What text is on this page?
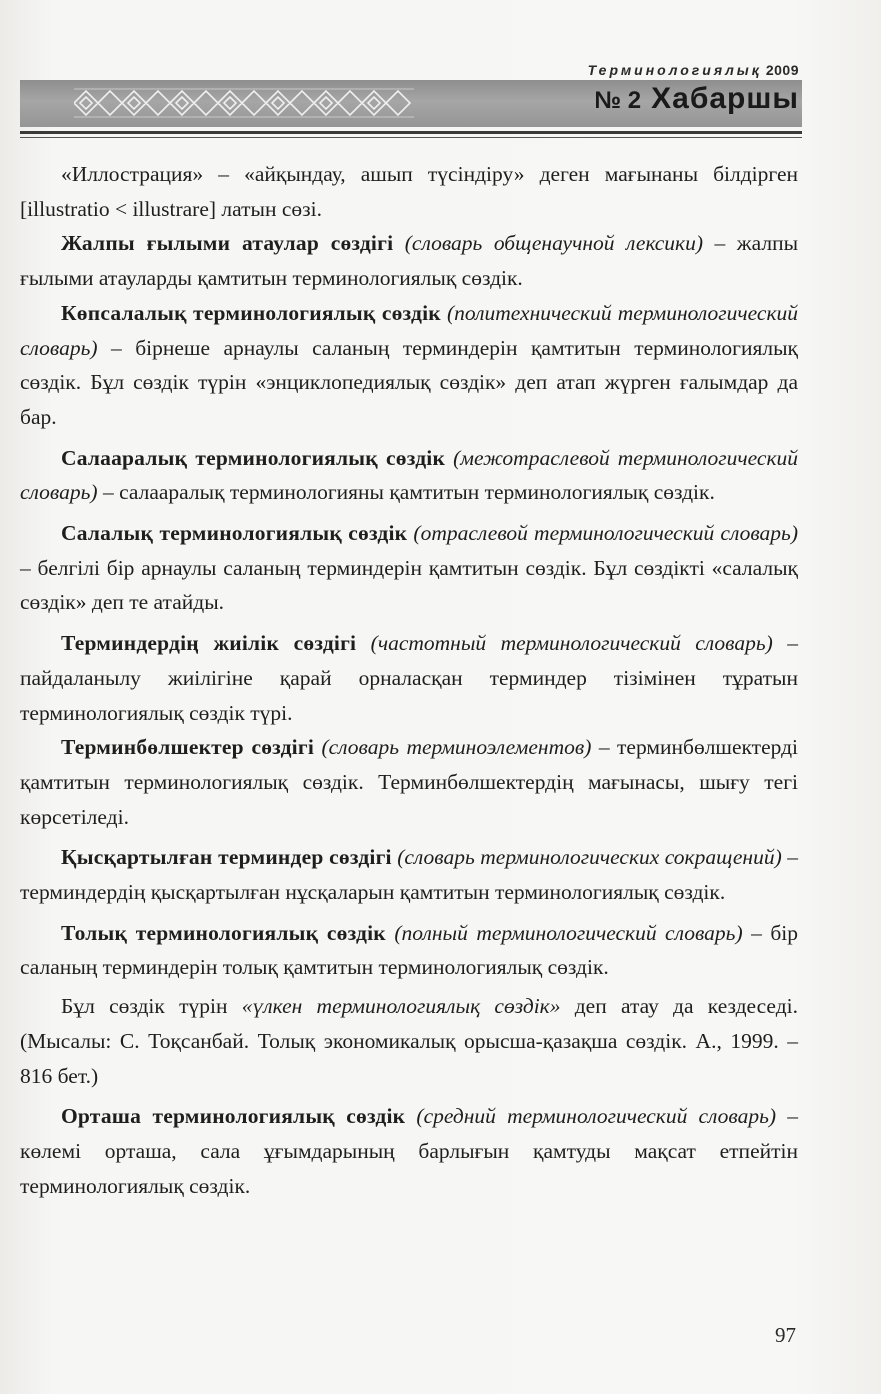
Терминологиялық 2009
№ 2 Хабаршы

«Иллострация» – «айқындау, ашып түсіндіру» деген мағынаны білдірген [illustratio < illustrare] латын сөзі.

Жалпы ғылыми атаулар сөздігі (словарь общенаучной лексики) – жалпы ғылыми атауларды қамтитын терминологиялық сөздік.

Көпсалалық терминологиялық сөздік (политехнический терминологический словарь) – бірнеше арнаулы саланың терминдерін қамтитын терминологиялық сөздік. Бұл сөздік түрін «энциклопедиялық сөздік» деп атап жүрген ғалымдар да бар.

Салааралық терминологиялық сөздік (межотраслевой терминологический словарь) – салааралық терминологияны қамтитын терминологиялық сөздік.

Салалық терминологиялық сөздік (отраслевой терминологический словарь) – белгілі бір арнаулы саланың терминдерін қамтитын сөздік. Бұл сөздікті «салалық сөздік» деп те атайды.

Терминдердің жиілік сөздігі (частотный терминологический словарь) – пайдаланылу жиілігіне қарай орналасқан терминдер тізімінен тұратын терминологиялық сөздік түрі.

Терминбөлшектер сөздігі (словарь терминоэлементов) – терминбөлшектерді қамтитын терминологиялық сөздік. Терминбөлшектердің мағынасы, шығу тегі көрсетіледі.

Қысқартылған терминдер сөздігі (словарь терминологических сокращений) – терминдердің қысқартылған нұсқаларын қамтитын терминологиялық сөздік.

Толық терминологиялық сөздік (полный терминологический словарь) – бір саланың терминдерін толық қамтитын терминологиялық сөздік.

Бұл сөздік түрін «үлкен терминологиялық сөздік» деп атау да кездеседі. (Мысалы: С. Тоқсанбай. Толық экономикалық орысша-қазақша сөздік. А., 1999. – 816 бет.)

Орташа терминологиялық сөздік (средний терминологический словарь) – көлемі орташа, сала ұғымдарының барлығын қамтуды мақсат етпейтін терминологиялық сөздік.

97
